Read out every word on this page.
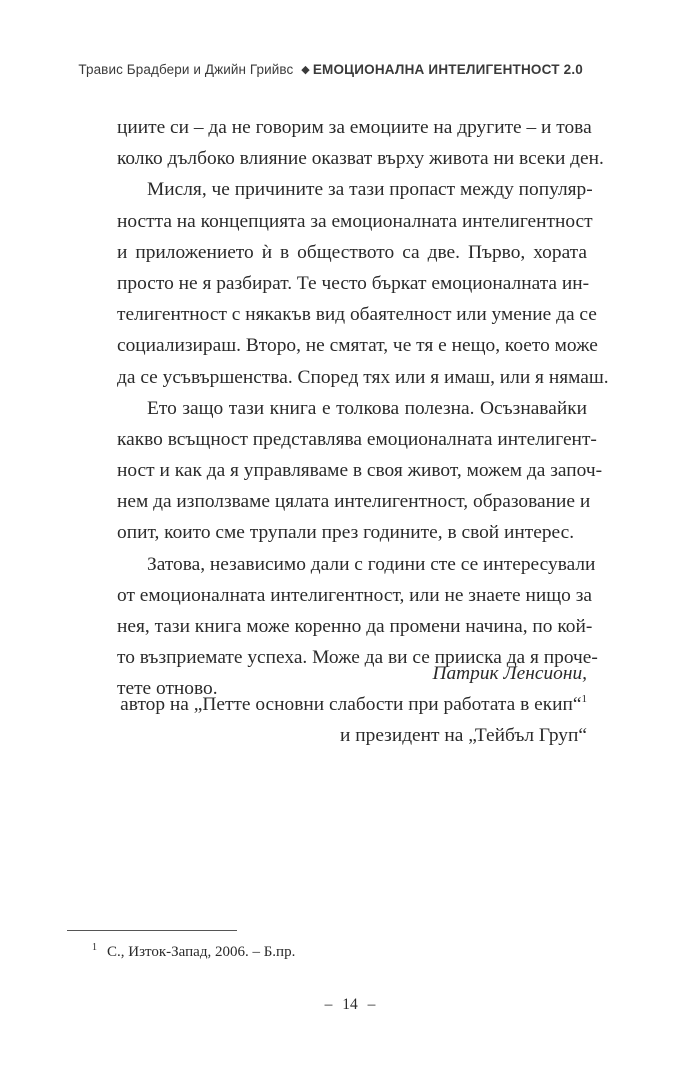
Травис Брадбери и Джийн Грийвс ◆ ЕМОЦИОНАЛНА ИНТЕЛИГЕНТНОСТ 2.0
циите си – да не говорим за емоциите на другите – и това
колко дълбоко влияние оказват върху живота ни всеки ден.
Мисля, че причините за тази пропаст между популяр-
ността на концепцията за емоционалната интелигентност
и приложението ѝ в обществото са две. Първо, хората
просто не я разбират. Те често бъркат емоционалната ин-
телигентност с някакъв вид обаятелност или умение да се
социализираш. Второ, не смятат, че тя е нещо, което може
да се усъвършенства. Според тях или я имаш, или я нямаш.
Ето защо тази книга е толкова полезна. Осъзнавайки
какво всъщност представлява емоционалната интелигент-
ност и как да я управляваме в своя живот, можем да започ-
нем да използваме цялата интелигентност, образование и
опит, които сме трупали през годините, в свой интерес.
Затова, независимо дали с години сте се интересували
от емоционалната интелигентност, или не знаете нищо за
нея, тази книга може коренно да промени начина, по кой-
то възприемате успеха. Може да ви се прииска да я проче-
тете отново.
Патрик Ленсиони,
автор на „Петте основни слабости при работата в екип“$^1$
и президент на „Тейбъл Груп“
$^1$ С., Изток-Запад, 2006. – Б.пр.
– 14 –
